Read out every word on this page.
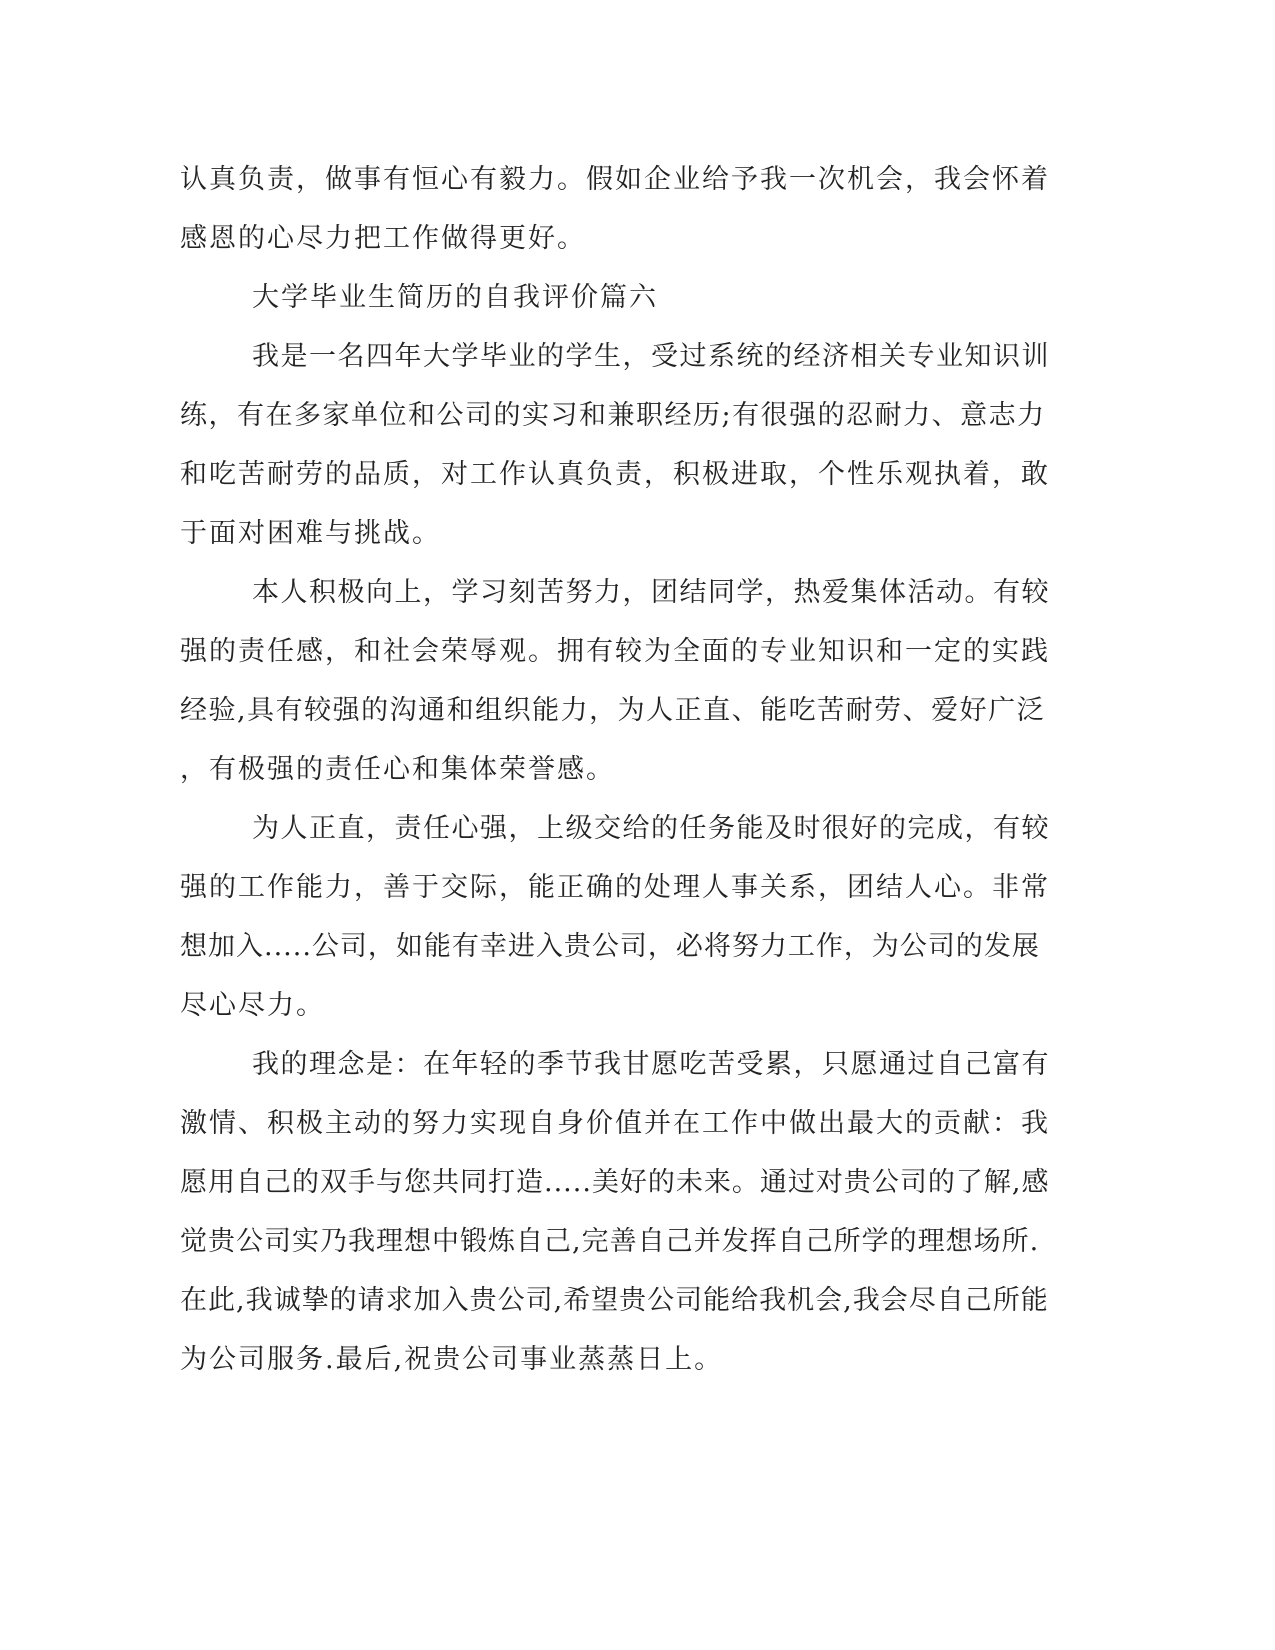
认真负责，做事有恒心有毅力。假如企业给予我一次机会，我会怀着
感恩的心尽力把工作做得更好。
大学毕业生简历的自我评价篇六
我是一名四年大学毕业的学生，受过系统的经济相关专业知识训
练，有在多家单位和公司的实习和兼职经历;有很强的忍耐力、意志力
和吃苦耐劳的品质，对工作认真负责，积极进取，个性乐观执着，敢
于面对困难与挑战。
本人积极向上，学习刻苦努力，团结同学，热爱集体活动。有较
强的责任感，和社会荣辱观。拥有较为全面的专业知识和一定的实践
经验,具有较强的沟通和组织能力，为人正直、能吃苦耐劳、爱好广泛
，有极强的责任心和集体荣誉感。
为人正直，责任心强，上级交给的任务能及时很好的完成，有较
强的工作能力，善于交际，能正确的处理人事关系，团结人心。非常
想加入.....公司，如能有幸进入贵公司，必将努力工作，为公司的发展
尽心尽力。
我的理念是：在年轻的季节我甘愿吃苦受累，只愿通过自己富有
激情、积极主动的努力实现自身价值并在工作中做出最大的贡献：我
愿用自己的双手与您共同打造.....美好的未来。通过对贵公司的了解,感
觉贵公司实乃我理想中锻炼自己,完善自己并发挥自己所学的理想场所.
在此,我诚挚的请求加入贵公司,希望贵公司能给我机会,我会尽自己所能
为公司服务.最后,祝贵公司事业蒸蒸日上。
